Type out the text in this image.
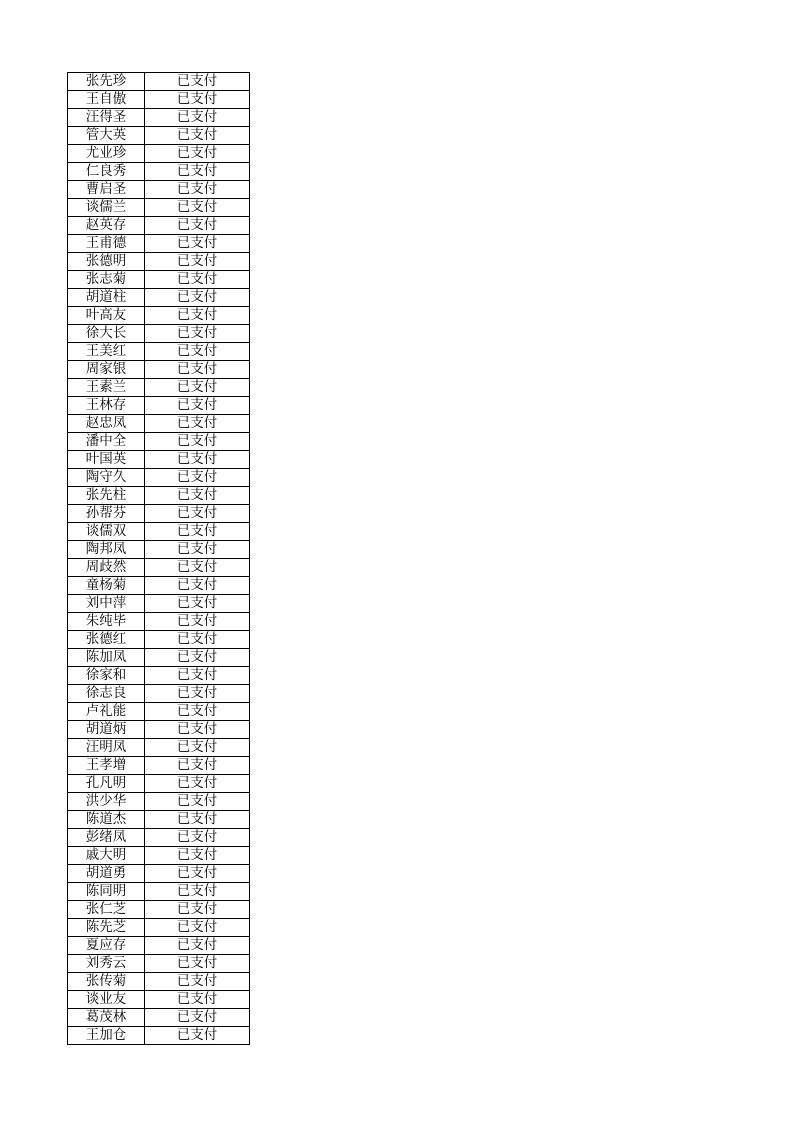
张先珍	已支付
王自傲	已支付
汪得圣	已支付
管大英	已支付
尤业珍	已支付
仁良秀	已支付
曹启圣	已支付
谈儒兰	已支付
赵英存	已支付
王甫德	已支付
张德明	已支付
张志菊	已支付
胡道柱	已支付
叶高友	已支付
徐大长	已支付
王美红	已支付
周家银	已支付
王素兰	已支付
王林存	已支付
赵忠凤	已支付
潘中全	已支付
叶国英	已支付
陶守久	已支付
张先柱	已支付
孙帮芬	已支付
谈儒双	已支付
陶邦凤	已支付
周歧然	已支付
童杨菊	已支付
刘中萍	已支付
朱纯毕	已支付
张德红	已支付
陈加凤	已支付
徐家和	已支付
徐志良	已支付
卢礼能	已支付
胡道炳	已支付
汪明凤	已支付
王孝增	已支付
孔凡明	已支付
洪少华	已支付
陈道杰	已支付
彭绪凤	已支付
戚大明	已支付
胡道勇	已支付
陈同明	已支付
张仁芝	已支付
陈先芝	已支付
夏应存	已支付
刘秀云	已支付
张传菊	已支付
谈业友	已支付
葛茂林	已支付
王加仓	已支付
